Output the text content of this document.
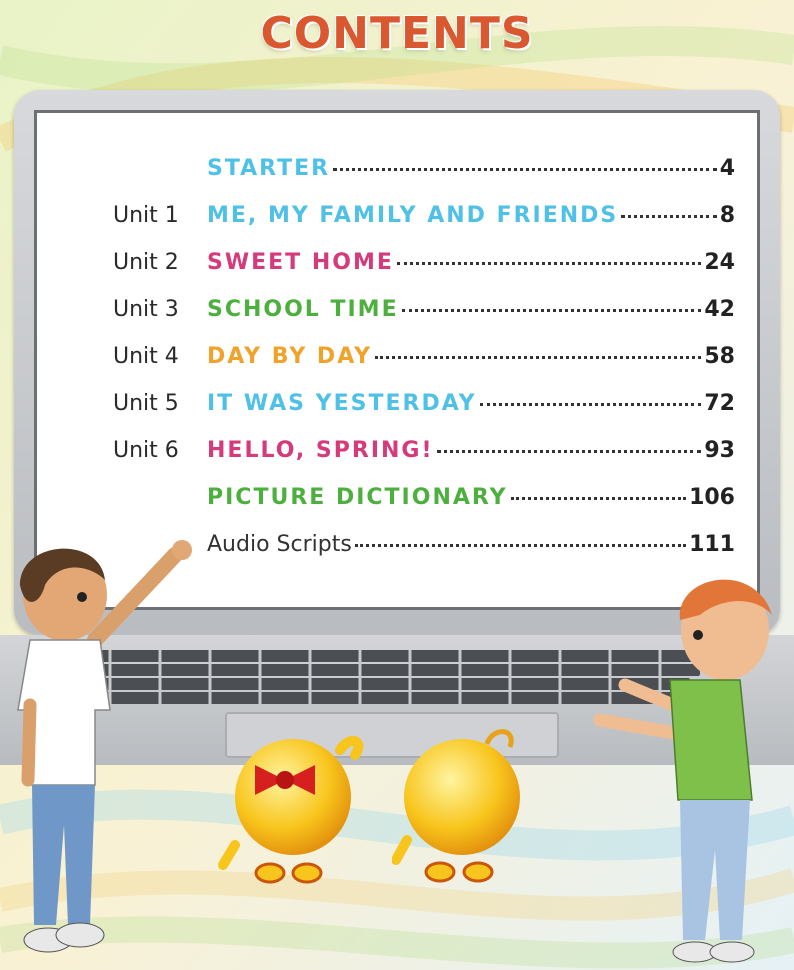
CONTENTS
STARTER	4
Unit 1	ME, MY FAMILY AND FRIENDS	8
Unit 2	SWEET HOME	24
Unit 3	SCHOOL TIME	42
Unit 4	DAY BY DAY	58
Unit 5	IT WAS YESTERDAY	72
Unit 6	HELLO, SPRING!	93
PICTURE DICTIONARY	106
Audio Scripts	111
